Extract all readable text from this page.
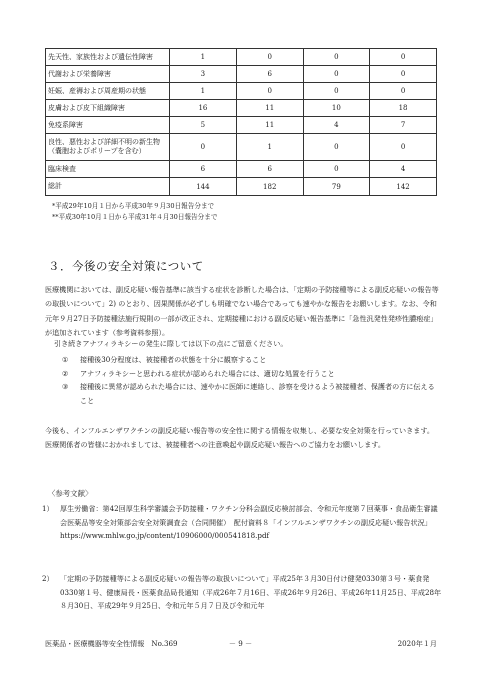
先天性、家族性および遺伝性障害	1	0	0	0
代謝および栄養障害	3	6	0	0
妊娠、産褥および周産期の状態	1	0	0	0
皮膚および皮下組織障害	16	11	10	18
免疫系障害	5	11	4	7
良性、悪性および詳細不明の新生物（嚢胞およびポリープを含む）	0	1	0	0
臨床検査	6	6	0	4
総計	144	182	79	142
*平成29年10月１日から平成30年９月30日報告分まで
**平成30年10月１日から平成31年４月30日報告分まで
３．今後の安全対策について
医療機関においては、副反応疑い報告基準に該当する症状を診断した場合は、「定期の予防接種等による副反応疑いの報告等の取扱いについて」2) のとおり、因果関係が必ずしも明確でない場合であっても速やかな報告をお願いします。なお、令和元年９月27日予防接種法施行規則の一部が改正され、定期接種における副反応疑い報告基準に「急性汎発性発疹性膿疱症」が追加されています（参考資料参照）。
引き続きアナフィラキシーの発生に際しては以下の点にご留意ください。
① 接種後30分程度は、被接種者の状態を十分に観察すること
② アナフィラキシーと思われる症状が認められた場合には、適切な処置を行うこと
③ 接種後に異常が認められた場合には、速やかに医師に連絡し、診察を受けるよう被接種者、保護者の方に伝えること
今後も、インフルエンザワクチンの副反応疑い報告等の安全性に関する情報を収集し、必要な安全対策を行っていきます。医療関係者の皆様におかれましては、被接種者への注意喚起や副反応疑い報告へのご協力をお願いします。
〈参考文献〉
1） 厚生労働省：第42回厚生科学審議会予防接種・ワクチン分科会副反応検討部会、令和元年度第７回薬事・食品衛生審議会医薬品等安全対策部会安全対策調査会（合同開催）　配付資料８「インフルエンザワクチンの副反応疑い報告状況」
https://www.mhlw.go.jp/content/10906000/000541818.pdf
2） 「定期の予防接種等による副反応疑いの報告等の取扱いについて」平成25年３月30日付け健発0330第３号・薬食発0330第１号、健康局長・医薬食品局長通知（平成26年７月16日、平成26年９月26日、平成26年11月25日、平成28年８月30日、平成29年９月25日、令和元年５月７日及び令和元年
医薬品・医療機器等安全性情報　No.369	－ 9 －	2020年１月
